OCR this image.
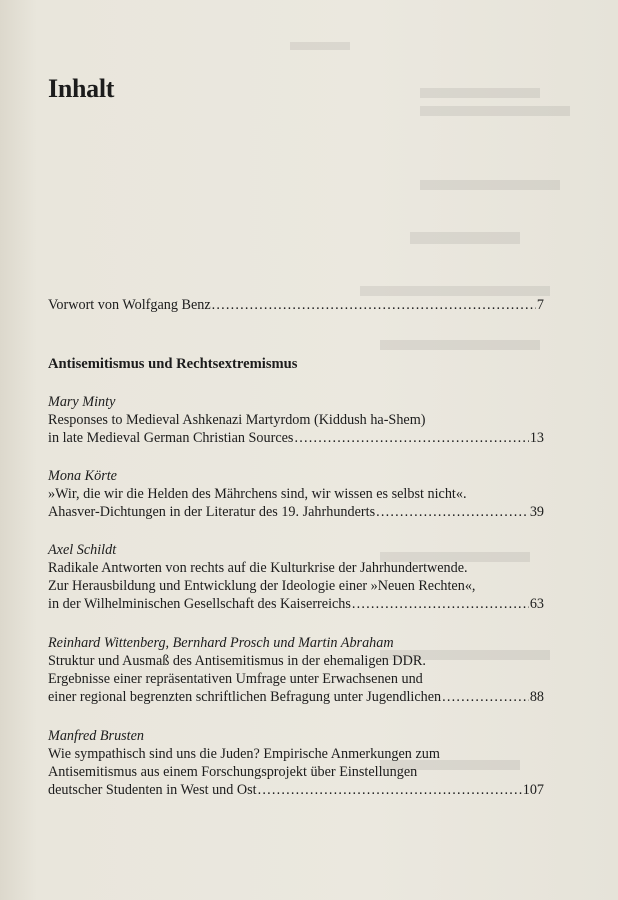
Inhalt
Vorwort von Wolfgang Benz .....	7
Antisemitismus und Rechtsextremismus
Mary Minty
Responses to Medieval Ashkenazi Martyrdom (Kiddush ha-Shem)
in late Medieval German Christian Sources .....	13
Mona Körte
»Wir, die wir die Helden des Mährchens sind, wir wissen es selbst nicht«.
Ahasver-Dichtungen in der Literatur des 19. Jahrhunderts .....	39
Axel Schildt
Radikale Antworten von rechts auf die Kulturkrise der Jahrhundertwende.
Zur Herausbildung und Entwicklung der Ideologie einer »Neuen Rechten«,
in der Wilhelminischen Gesellschaft des Kaiserreichs .....	63
Reinhard Wittenberg, Bernhard Prosch und Martin Abraham
Struktur und Ausmaß des Antisemitismus in der ehemaligen DDR.
Ergebnisse einer repräsentativen Umfrage unter Erwachsenen und
einer regional begrenzten schriftlichen Befragung unter Jugendlichen .....	88
Manfred Brusten
Wie sympathisch sind uns die Juden? Empirische Anmerkungen zum
Antisemitismus aus einem Forschungsprojekt über Einstellungen
deutscher Studenten in West und Ost .....	107
